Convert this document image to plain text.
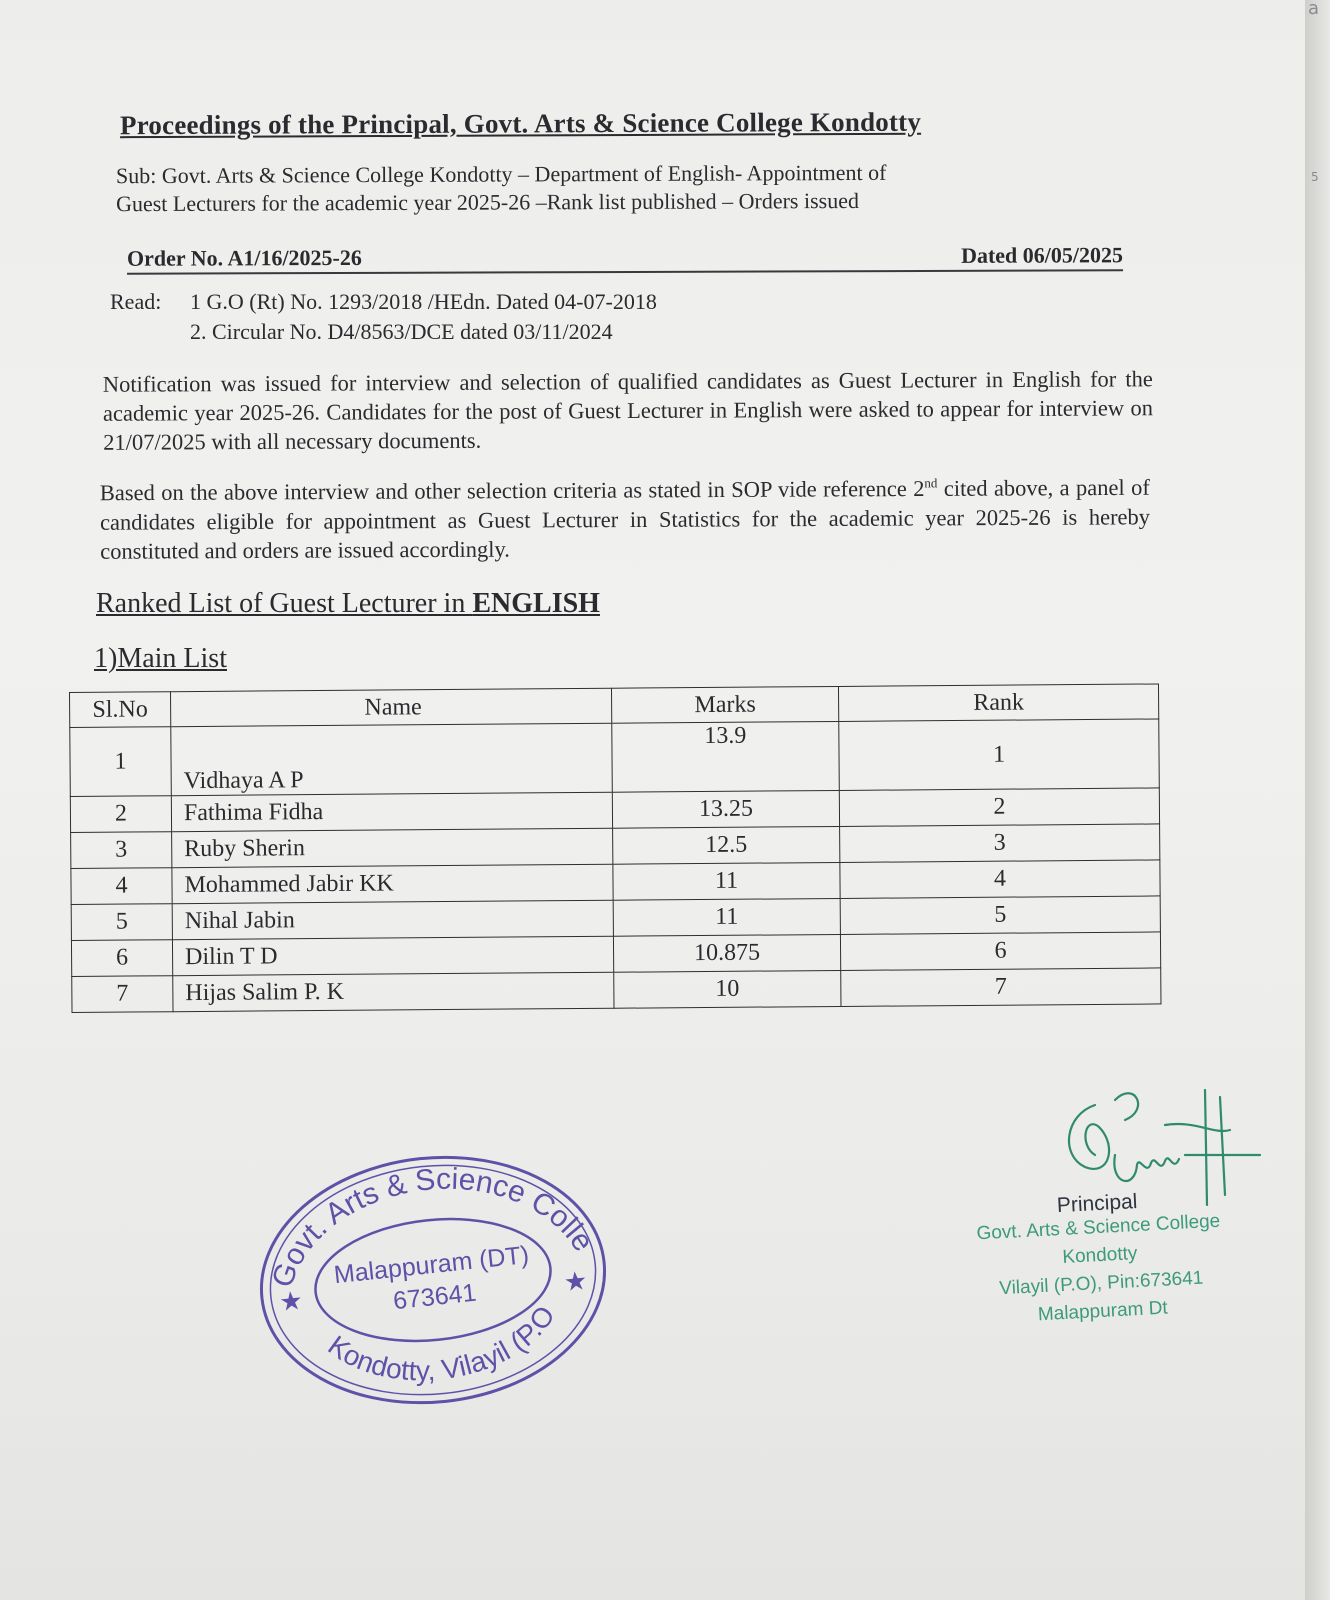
Proceedings of the Principal, Govt. Arts & Science College Kondotty
Sub: Govt. Arts & Science College Kondotty – Department of English- Appointment of
Guest Lecturers for the academic year 2025-26 –Rank list published – Orders issued
Order No. A1/16/2025-26	Dated 06/05/2025
Read: 1 G.O (Rt) No. 1293/2018 /HEdn. Dated 04-07-2018
2. Circular No. D4/8563/DCE dated 03/11/2024
Notification was issued for interview and selection of qualified candidates as Guest Lecturer in English for the academic year 2025-26. Candidates for the post of Guest Lecturer in English were asked to appear for interview on 21/07/2025 with all necessary documents.
Based on the above interview and other selection criteria as stated in SOP vide reference 2nd cited above, a panel of candidates eligible for appointment as Guest Lecturer in Statistics for the academic year 2025-26 is hereby constituted and orders are issued accordingly.
Ranked List of Guest Lecturer in ENGLISH
1)Main List
Sl.No	Name	Marks	Rank
1	Vidhaya A P	13.9	1
2	Fathima Fidha	13.25	2
3	Ruby Sherin	12.5	3
4	Mohammed Jabir KK	11	4
5	Nihal Jabin	11	5
6	Dilin T D	10.875	6
7	Hijas Salim P. K	10	7
Govt. Arts & Science College
Kondotty, Vilayil (P.O)
Malappuram (DT)
673641
★
★
Principal
Govt. Arts & Science College
Kondotty
Vilayil (P.O), Pin:673641
Malappuram Dt
a
5
